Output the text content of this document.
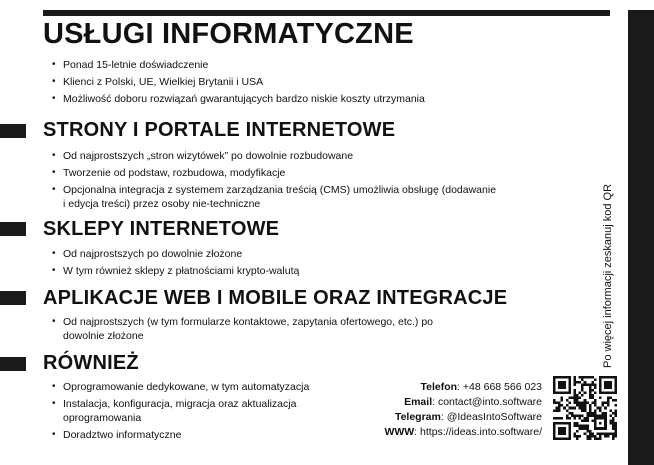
Po więcej informacji zeskanuj kod QR
USŁUGI INFORMATYCZNE
• Ponad 15-letnie doświadczenie
• Klienci z Polski, UE, Wielkiej Brytanii i USA
• Możliwość doboru rozwiązań gwarantujących bardzo niskie koszty utrzymania
STRONY I PORTALE INTERNETOWE
• Od najprostszych „stron wizytówek” po dowolnie rozbudowane
• Tworzenie od podstaw, rozbudowa, modyfikacje
• Opcjonalna integracja z systemem zarządzania treścią (CMS) umożliwia obsługę (dodawanie i edycja treści) przez osoby nie-techniczne
SKLEPY INTERNETOWE
• Od najprostszych po dowolnie złożone
• W tym również sklepy z płatnościami krypto-walutą
APLIKACJE WEB I MOBILE ORAZ INTEGRACJE
• Od najprostszych (w tym formularze kontaktowe, zapytania ofertowego, etc.) po dowolnie złożone
RÓWNIEŻ
• Oprogramowanie dedykowane, w tym automatyzacja
• Instalacja, konfiguracja, migracja oraz aktualizacja oprogramowania
• Doradztwo informatyczne
Telefon: +48 668 566 023
Email: contact@into.software
Telegram: @IdeasIntoSoftware
WWW: https://ideas.into.software/
